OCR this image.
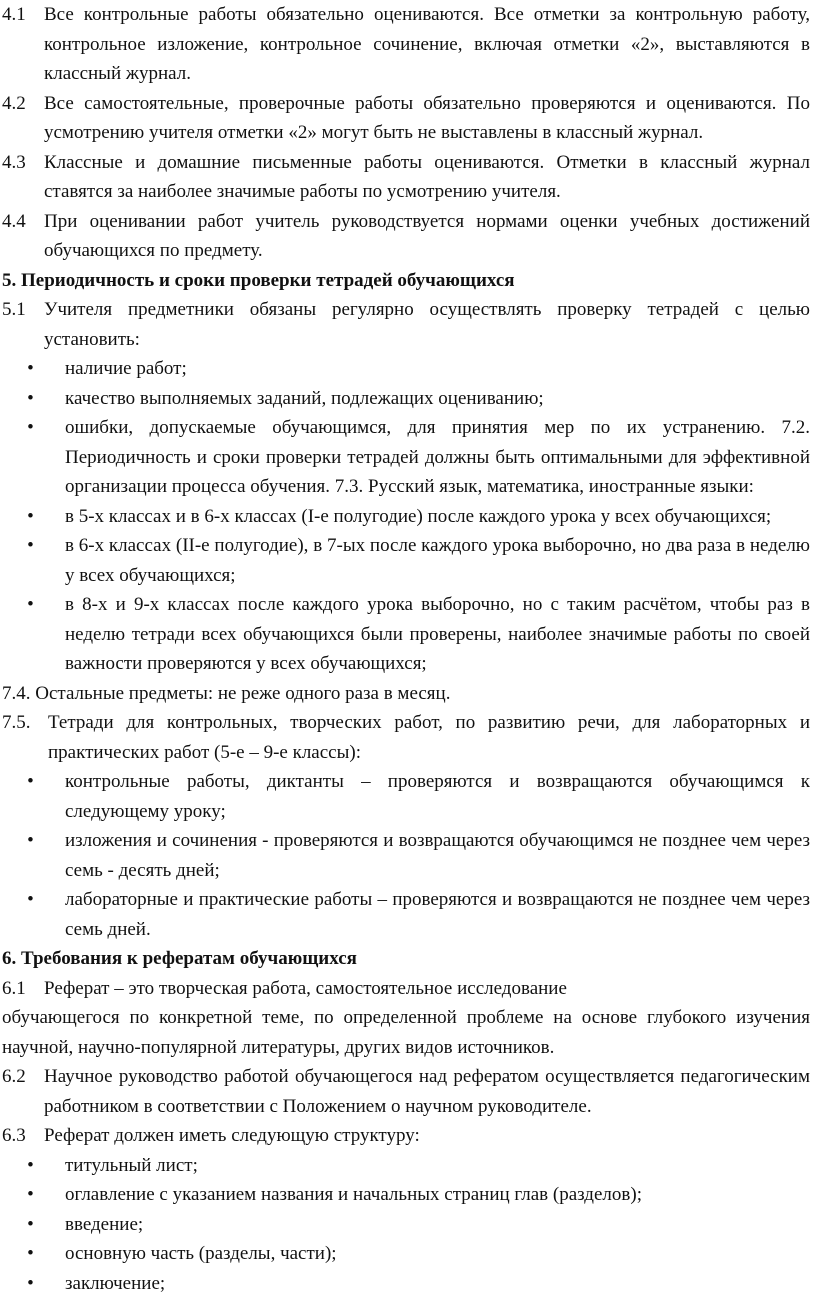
4.1 Все контрольные работы обязательно оцениваются. Все отметки за контрольную работу, контрольное изложение, контрольное сочинение, включая отметки «2», выставляются в классный журнал.
4.2 Все самостоятельные, проверочные работы обязательно проверяются и оцениваются. По усмотрению учителя отметки «2» могут быть не выставлены в классный журнал.
4.3 Классные и домашние письменные работы оцениваются. Отметки в классный журнал ставятся за наиболее значимые работы по усмотрению учителя.
4.4 При оценивании работ учитель руководствуется нормами оценки учебных достижений обучающихся по предмету.
5. Периодичность и сроки проверки тетрадей обучающихся
5.1 Учителя предметники обязаны регулярно осуществлять проверку тетрадей с целью установить:
•	наличие работ;
•	качество выполняемых заданий, подлежащих оцениванию;
•	ошибки, допускаемые обучающимся, для принятия мер по их устранению. 7.2. Периодичность и сроки проверки тетрадей должны быть оптимальными для эффективной организации процесса обучения. 7.3. Русский язык, математика, иностранные языки:
•	в 5-х классах и в 6-х классах (I-е полугодие) после каждого урока у всех обучающихся;
•	в 6-х классах (II-е полугодие), в 7-ых после каждого урока выборочно, но два раза в неделю у всех обучающихся;
•	в 8-х и 9-х классах после каждого урока выборочно, но с таким расчётом, чтобы раз в неделю тетради всех обучающихся были проверены, наиболее значимые работы по своей важности проверяются у всех обучающихся;
7.4. Остальные предметы: не реже одного раза в месяц.
7.5. Тетради для контрольных, творческих работ, по развитию речи, для лабораторных и практических работ (5-е – 9-е классы):
•	контрольные работы, диктанты – проверяются и возвращаются обучающимся к следующему уроку;
•	изложения и сочинения - проверяются и возвращаются обучающимся не позднее чем через семь - десять дней;
•	лабораторные и практические работы – проверяются и возвращаются не позднее чем через семь дней.
6. Требования к рефератам обучающихся
6.1 Реферат – это творческая работа, самостоятельное исследование
обучающегося по конкретной теме, по определенной проблеме на основе глубокого изучения научной, научно-популярной литературы, других видов источников.
6.2 Научное руководство работой обучающегося над рефератом осуществляется педагогическим работником в соответствии с Положением о научном руководителе.
6.3 Реферат должен иметь следующую структуру:
•	титульный лист;
•	оглавление с указанием названия и начальных страниц глав (разделов);
•	введение;
•	основную часть (разделы, части);
•	заключение;
